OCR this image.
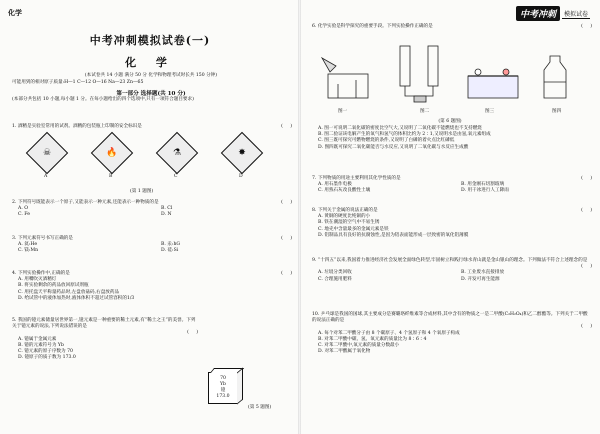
化学
中考冲刺模拟试卷(一)
化 学
(本试卷共 14 小题 满分 50 分 化学和物理考试时长共 150 分钟)
可能用到的相对原子质量:H—1 C—12 O—16 Na—23 Zn—65
第一部分 选择题(共 10 分)
(本部分共包括 10 小题,每小题 1 分。在每小题给出的四个选项中,只有一项符合题目要求)
1. 酒精是实验室常用的试剂。酒精的包装瓶上印制的安全标识是	(     )
☠	🔥	⚗	✸
A	B	C	D
(第 1 题图)
2. 下列符号既能表示一个原子,又能表示一种元素,还能表示一种物质的是	(     )
A. O	B. Cl
C. Fe	D. N
3. 下列元素符号书写正确的是	(     )
A. 氦:He	B. 汞:hG
C. 镁:Mn	D. 硅:Si
4. 下列实验操作中,正确的是	(     )
A. 用嘴吹灭酒精灯
B. 将实验剩余的药品放回原试剂瓶
C. 用托盘天平称量药品时,左盘放砝码,右盘放药品
D. 给试管中的液体加热时,液体体积不超过试管容积的1/3
5. 我国的镱元素储量居世界第一,镱元素是一种重要的稀土元素,有“稀土之王”的美誉。下列关于镱元素的说法,下列说法错误的是
(     )
A. 镱属于金属元素
B. 镱的元素符号为 Yb
C. 镱元素的原子序数为 70
D. 镱原子的质子数为 173.0
70
Yb
镱
173.0
(第 5 题图)
中考冲刺	模拟试卷
6. 化学实验是科学探究的重要手段。下列实验操作正确的是	(     )
图一	图二	图三	图四
(第 6 题图)
A. 图一可说明二氧化碳的密度比空气大,又说明了二氧化碳不能燃烧也不支持燃烧
B. 图二验证该电解产生的氧气和氢气的体积比约为 2∶1,又说明水是由氢,氧元素组成
C. 图三既可探究可燃物燃烧的条件,又说明了白磷的着火点比红磷低
D. 图四既可探究二氧化碳能否与水反应,又说明了二氧化碳与水反应生成酸
7. 下列物质的用途主要利用其化学性质的是	(     )
A. 用石墨作电极	B. 用金刚石切割玻璃
C. 用熟石灰改良酸性土壤	D. 用干冰进行人工降雨
8. 下列关于金属的说法正确的是	(     )
A. 黄铜的硬度比纯铜的小
B. 铁在潮湿的空气中不易生锈
C. 地壳中含量最多的金属元素是铁
D. 铝制品具有良好的抗腐蚀性,是因为铝表面能形成一层致密的氧化铝薄膜
9. “十四五”以来,我国着力推进经济社会发展全面绿色转型,牢固树立和践行绿水青山就是金山银山的理念。下列做法不符合上述理念的是
(     )
A. 垃圾分类回收	B. 工业废水直接排放
C. 合理施用肥料	D. 开发可再生能源
10. 乒乓球是我国的国球,其主要成分是赛璐珞纤维素等合成材料,其中含有的物质之一是二甲酸(C₂H₂O₄)和乙二醇酯等。下列关于二甲酸的说法正确的是
(     )
A. 每个对苯二甲酸分子由 8 个碳原子、4 个氢原子和 4 个氧原子构成
B. 对苯二甲酸中碳、氢、氧元素的质量比为 8∶6∶4
C. 对苯二甲酸中,氧元素的质量分数最小
D. 对苯二甲酸属于氧化物
